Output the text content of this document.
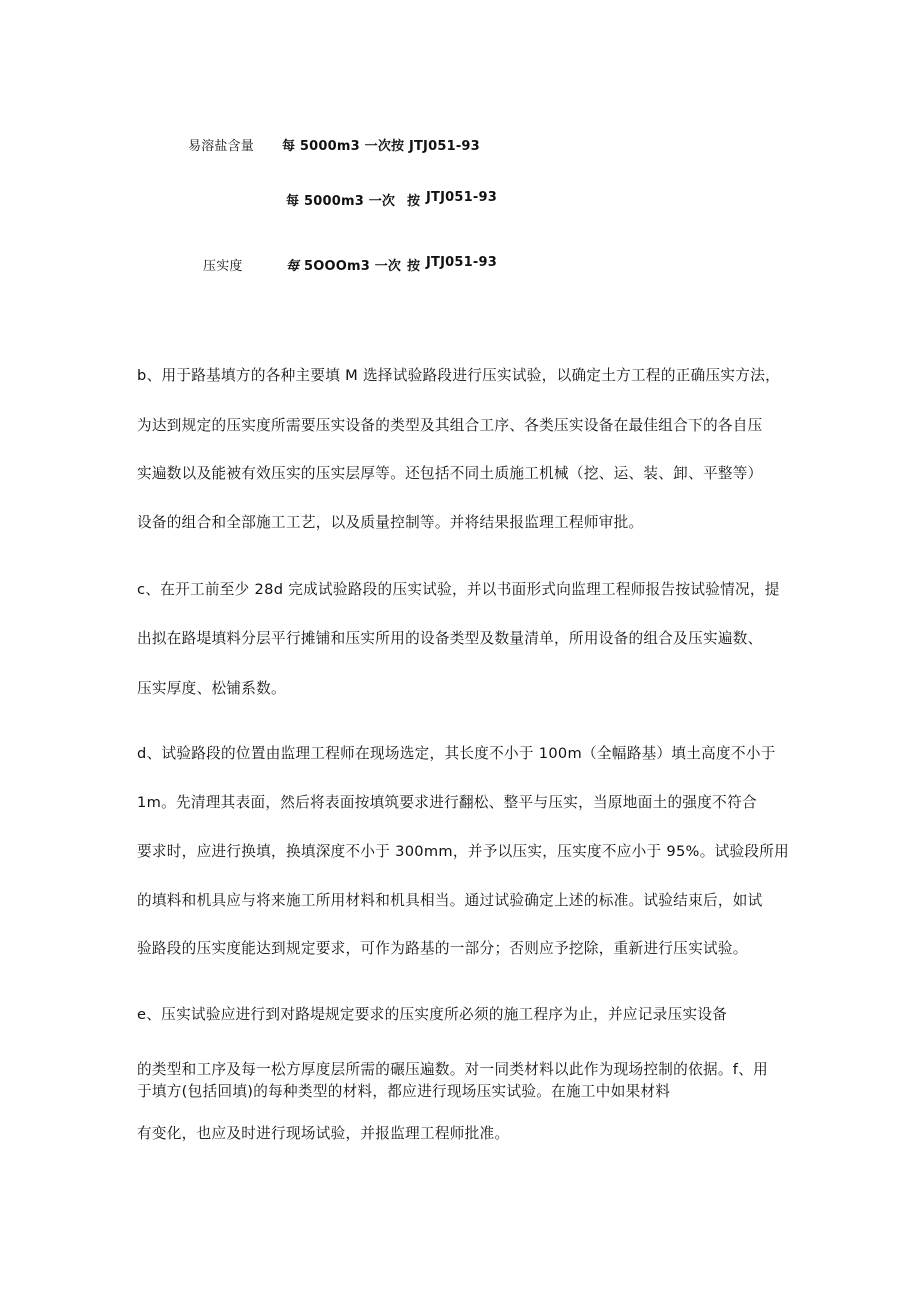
易溶盐含量 每 5000m3 一次按 JTJ051-93
每 5000m3 一次 按 JTJ051-93
压实度	每 5OOOm3 一次 按 JTJ051-93
b、用于路基填方的各种主要填 M 选择试验路段进行压实试验，以确定土方工程的正确压实方法，
为达到规定的压实度所需要压实设备的类型及其组合工序、各类压实设备在最佳组合下的各自压
实遍数以及能被有效压实的压实层厚等。还包括不同土质施工机械（挖、运、装、卸、平整等）
设备的组合和全部施工工艺，以及质量控制等。并将结果报监理工程师审批。
c、在开工前至少 28d 完成试验路段的压实试验，并以书面形式向监理工程师报告按试验情况，提
出拟在路堤填料分层平行摊铺和压实所用的设备类型及数量清单，所用设备的组合及压实遍数、
压实厚度、松铺系数。
d、试验路段的位置由监理工程师在现场选定，其长度不小于 100m（全幅路基）填土高度不小于
1m。先清理其表面，然后将表面按填筑要求进行翻松、整平与压实，当原地面土的强度不符合
要求时，应进行换填，换填深度不小于 300mm，并予以压实，压实度不应小于 95%。试验段所用
的填料和机具应与将来施工所用材料和机具相当。通过试验确定上述的标准。试验结束后，如试
验路段的压实度能达到规定要求，可作为路基的一部分；否则应予挖除，重新进行压实试验。
e、压实试验应进行到对路堤规定要求的压实度所必须的施工程序为止，并应记录压实设备
的类型和工序及每一松方厚度层所需的碾压遍数。对一同类材料以此作为现场控制的依据。f、用
于填方(包括回填)的每种类型的材料，都应进行现场压实试验。在施工中如果材料
有变化，也应及时进行现场试验，并报监理工程师批准。
